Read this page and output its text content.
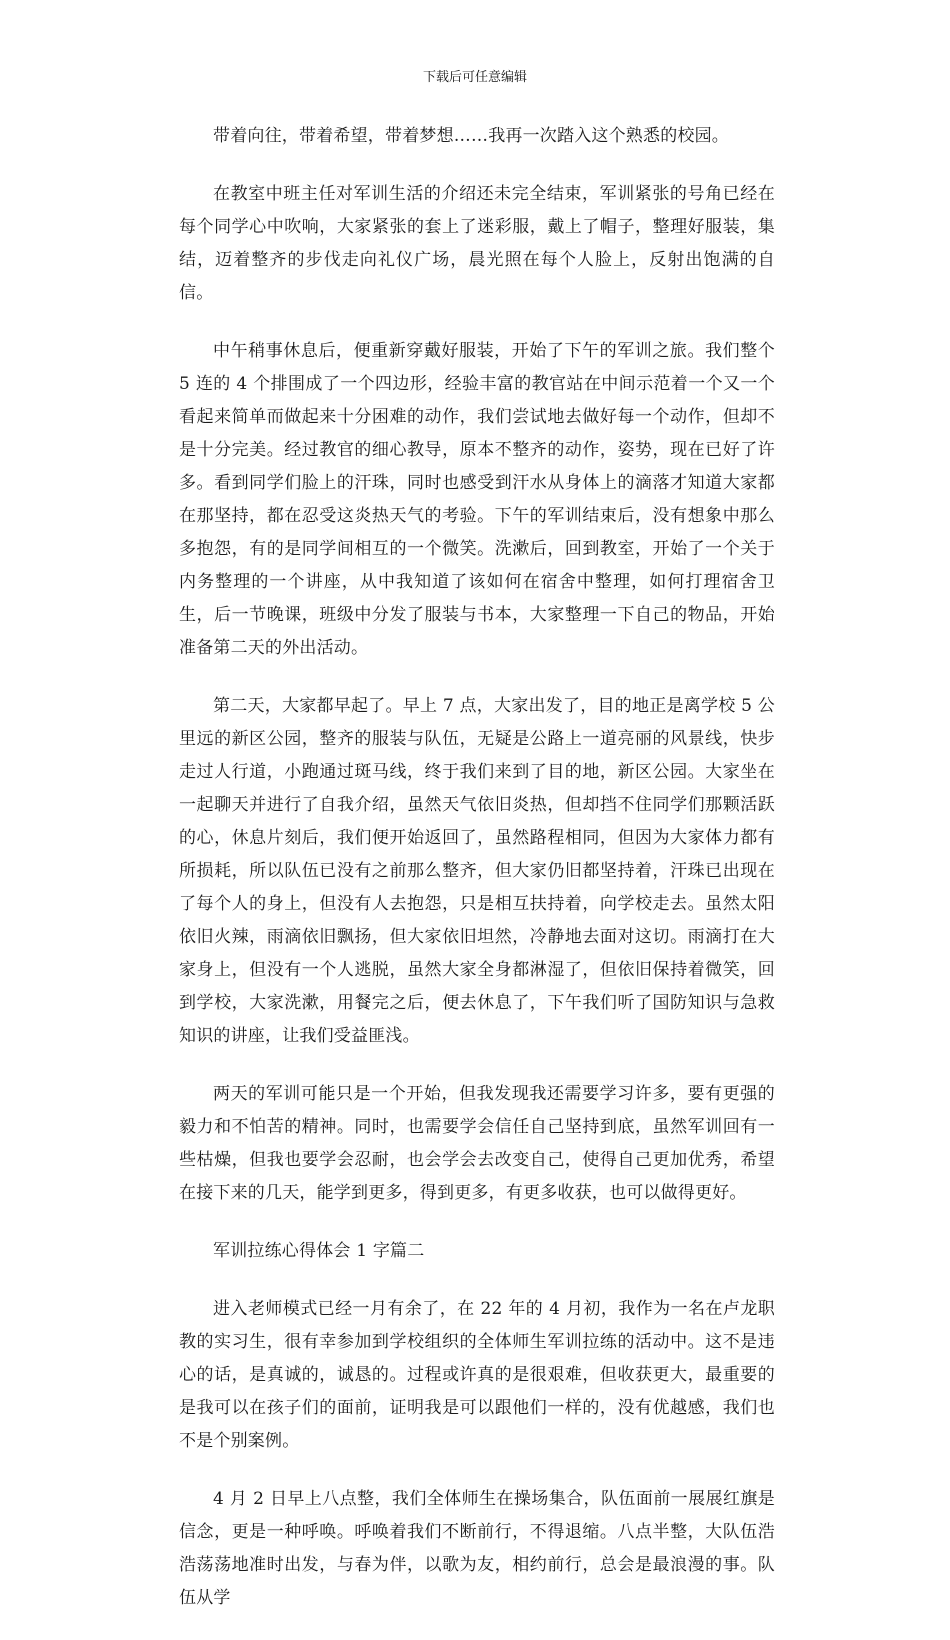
下载后可任意编辑

带着向往，带着希望，带着梦想……我再一次踏入这个熟悉的校园。

在教室中班主任对军训生活的介绍还未完全结束，军训紧张的号角已经在每个同学心中吹响，大家紧张的套上了迷彩服，戴上了帽子，整理好服装，集结，迈着整齐的步伐走向礼仪广场，晨光照在每个人脸上，反射出饱满的自信。

中午稍事休息后，便重新穿戴好服装，开始了下午的军训之旅。我们整个 5 连的 4 个排围成了一个四边形，经验丰富的教官站在中间示范着一个又一个看起来简单而做起来十分困难的动作，我们尝试地去做好每一个动作，但却不是十分完美。经过教官的细心教导，原本不整齐的动作，姿势，现在已好了许多。看到同学们脸上的汗珠，同时也感受到汗水从身体上的滴落才知道大家都在那坚持，都在忍受这炎热天气的考验。下午的军训结束后，没有想象中那么多抱怨，有的是同学间相互的一个微笑。洗漱后，回到教室，开始了一个关于内务整理的一个讲座，从中我知道了该如何在宿舍中整理，如何打理宿舍卫生，后一节晚课，班级中分发了服装与书本，大家整理一下自己的物品，开始准备第二天的外出活动。

第二天，大家都早起了。早上 7 点，大家出发了，目的地正是离学校 5 公里远的新区公园，整齐的服装与队伍，无疑是公路上一道亮丽的风景线，快步走过人行道，小跑通过斑马线，终于我们来到了目的地，新区公园。大家坐在一起聊天并进行了自我介绍，虽然天气依旧炎热，但却挡不住同学们那颗活跃的心，休息片刻后，我们便开始返回了，虽然路程相同，但因为大家体力都有所损耗，所以队伍已没有之前那么整齐，但大家仍旧都坚持着，汗珠已出现在了每个人的身上，但没有人去抱怨，只是相互扶持着，向学校走去。虽然太阳依旧火辣，雨滴依旧飘扬，但大家依旧坦然，冷静地去面对这切。雨滴打在大家身上，但没有一个人逃脱，虽然大家全身都淋湿了，但依旧保持着微笑，回到学校，大家洗漱，用餐完之后，便去休息了，下午我们听了国防知识与急救知识的讲座，让我们受益匪浅。

两天的军训可能只是一个开始，但我发现我还需要学习许多，要有更强的毅力和不怕苦的精神。同时，也需要学会信任自己坚持到底，虽然军训回有一些枯燥，但我也要学会忍耐，也会学会去改变自己，使得自己更加优秀，希望在接下来的几天，能学到更多，得到更多，有更多收获，也可以做得更好。

军训拉练心得体会 1 字篇二

进入老师模式已经一月有余了，在 22 年的 4 月初，我作为一名在卢龙职教的实习生，很有幸参加到学校组织的全体师生军训拉练的活动中。这不是违心的话，是真诚的，诚恳的。过程或许真的是很艰难，但收获更大，最重要的是我可以在孩子们的面前，证明我是可以跟他们一样的，没有优越感，我们也不是个别案例。

4 月 2 日早上八点整，我们全体师生在操场集合，队伍面前一展展红旗是信念，更是一种呼唤。呼唤着我们不断前行，不得退缩。八点半整，大队伍浩浩荡荡地准时出发，与春为伴，以歌为友，相约前行，总会是最浪漫的事。队伍从学
